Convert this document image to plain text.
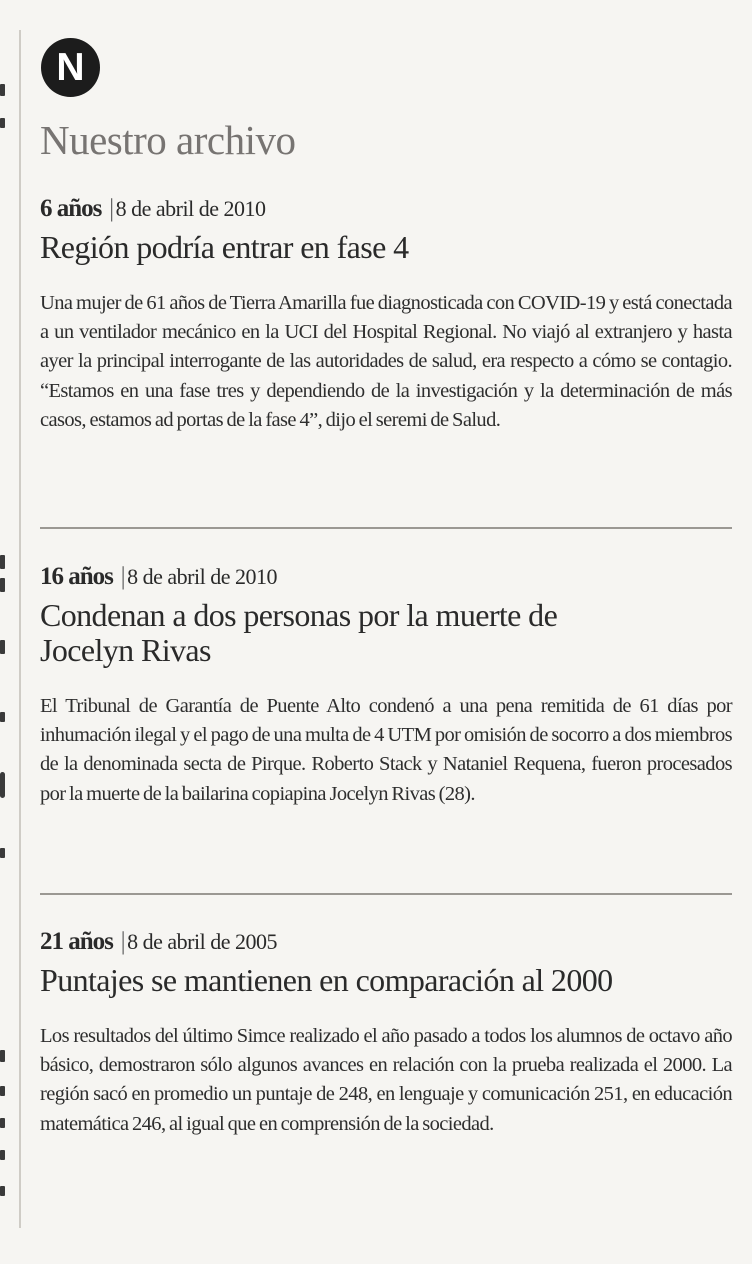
N
Nuestro archivo
6 años |8 de abril de 2010
Región podría entrar en fase 4
Una mujer de 61 años de Tierra Amarilla fue diagnosticada con COVID-19 y está conectada a un ventilador mecánico en la UCI del Hospital Regional. No viajó al extranjero y hasta ayer la principal interrogante de las autoridades de salud, era respecto a cómo se contagio. “Estamos en una fase tres y dependiendo de la investigación y la determinación de más casos, estamos ad portas de la fase 4”, dijo el seremi de Salud.
16 años |8 de abril de 2010
Condenan a dos personas por la muerte de Jocelyn Rivas
El Tribunal de Garantía de Puente Alto condenó a una pena remitida de 61 días por inhumación ilegal y el pago de una multa de 4 UTM por omisión de socorro a dos miembros de la denominada secta de Pirque. Roberto Stack y Nataniel Requena, fueron procesados por la muerte de la bailarina copiapina Jocelyn Rivas (28).
21 años |8 de abril de 2005
Puntajes se mantienen en comparación al 2000
Los resultados del último Simce realizado el año pasado a todos los alumnos de octavo año básico, demostraron sólo algunos avances en relación con la prueba realizada el 2000. La región sacó en promedio un puntaje de 248, en lenguaje y comunicación 251, en educación matemática 246, al igual que en comprensión de la sociedad.
